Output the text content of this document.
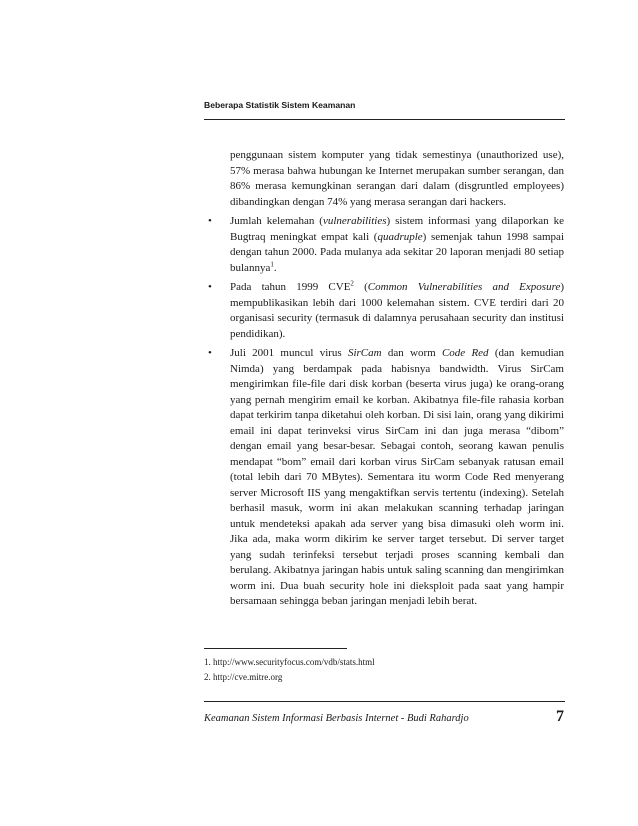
Beberapa Statistik Sistem Keamanan

penggunaan sistem komputer yang tidak semestinya (unauthorized use), 57% merasa bahwa hubungan ke Internet merupakan sumber serangan, dan 86% merasa kemungkinan serangan dari dalam (disgruntled employees) dibandingkan dengan 74% yang merasa serangan dari hackers.

• Jumlah kelemahan (vulnerabilities) sistem informasi yang dilaporkan ke Bugtraq meningkat empat kali (quadruple) semenjak tahun 1998 sampai dengan tahun 2000. Pada mulanya ada sekitar 20 laporan menjadi 80 setiap bulannya$^1$.
• Pada tahun 1999 CVE$^2$ (Common Vulnerabilities and Exposure) mempublikasikan lebih dari 1000 kelemahan sistem. CVE terdiri dari 20 organisasi security (termasuk di dalamnya perusahaan security dan institusi pendidikan).
• Juli 2001 muncul virus SirCam dan worm Code Red (dan kemudian Nimda) yang berdampak pada habisnya bandwidth. Virus SirCam mengirimkan file-file dari disk korban (beserta virus juga) ke orang-orang yang pernah mengirim email ke korban. Akibatnya file-file rahasia korban dapat terkirim tanpa diketahui oleh korban. Di sisi lain, orang yang dikirimi email ini dapat terinveksi virus SirCam ini dan juga merasa “dibom” dengan email yang besar-besar. Sebagai contoh, seorang kawan penulis mendapat “bom” email dari korban virus SirCam sebanyak ratusan email (total lebih dari 70 MBytes). Sementara itu worm Code Red menyerang server Microsoft IIS yang mengaktifkan servis tertentu (indexing). Setelah berhasil masuk, worm ini akan melakukan scanning terhadap jaringan untuk mendeteksi apakah ada server yang bisa dimasuki oleh worm ini. Jika ada, maka worm dikirim ke server target tersebut. Di server target yang sudah terinfeksi tersebut terjadi proses scanning kembali dan berulang. Akibatnya jaringan habis untuk saling scanning dan mengirimkan worm ini. Dua buah security hole ini dieksploit pada saat yang hampir bersamaan sehingga beban jaringan menjadi lebih berat.
1. http://www.securityfocus.com/vdb/stats.html
2. http://cve.mitre.org
Keamanan Sistem Informasi Berbasis Internet - Budi Rahardjo	7
